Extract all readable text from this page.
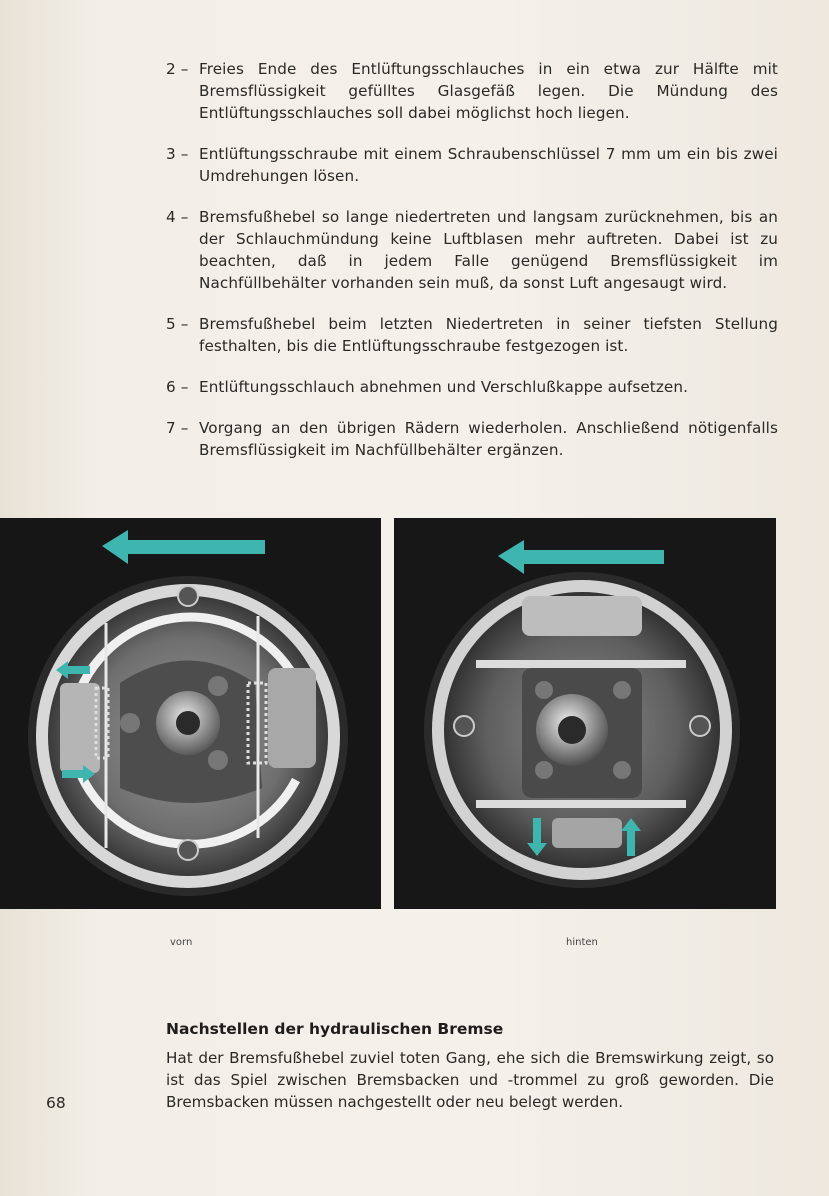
2 – Freies Ende des Entlüftungsschlauches in ein etwa zur Hälfte mit Bremsflüssigkeit gefülltes Glasgefäß legen. Die Mündung des Entlüftungsschlauches soll dabei möglichst hoch liegen.
3 – Entlüftungsschraube mit einem Schraubenschlüssel 7 mm um ein bis zwei Umdrehungen lösen.
4 – Bremsfußhebel so lange niedertreten und langsam zurücknehmen, bis an der Schlauchmündung keine Luftblasen mehr auftreten. Dabei ist zu beachten, daß in jedem Falle genügend Bremsflüssigkeit im Nachfüllbehälter vorhanden sein muß, da sonst Luft angesaugt wird.
5 – Bremsfußhebel beim letzten Niedertreten in seiner tiefsten Stellung festhalten, bis die Entlüftungsschraube festgezogen ist.
6 – Entlüftungsschlauch abnehmen und Verschlußkappe aufsetzen.
7 – Vorgang an den übrigen Rädern wiederholen. Anschließend nötigenfalls Bremsflüssigkeit im Nachfüllbehälter ergänzen.
vorn	hinten
Nachstellen der hydraulischen Bremse
Hat der Bremsfußhebel zuviel toten Gang, ehe sich die Bremswirkung zeigt, so ist das Spiel zwischen Bremsbacken und -trommel zu groß geworden. Die Bremsbacken müssen nachgestellt oder neu belegt werden.
68
